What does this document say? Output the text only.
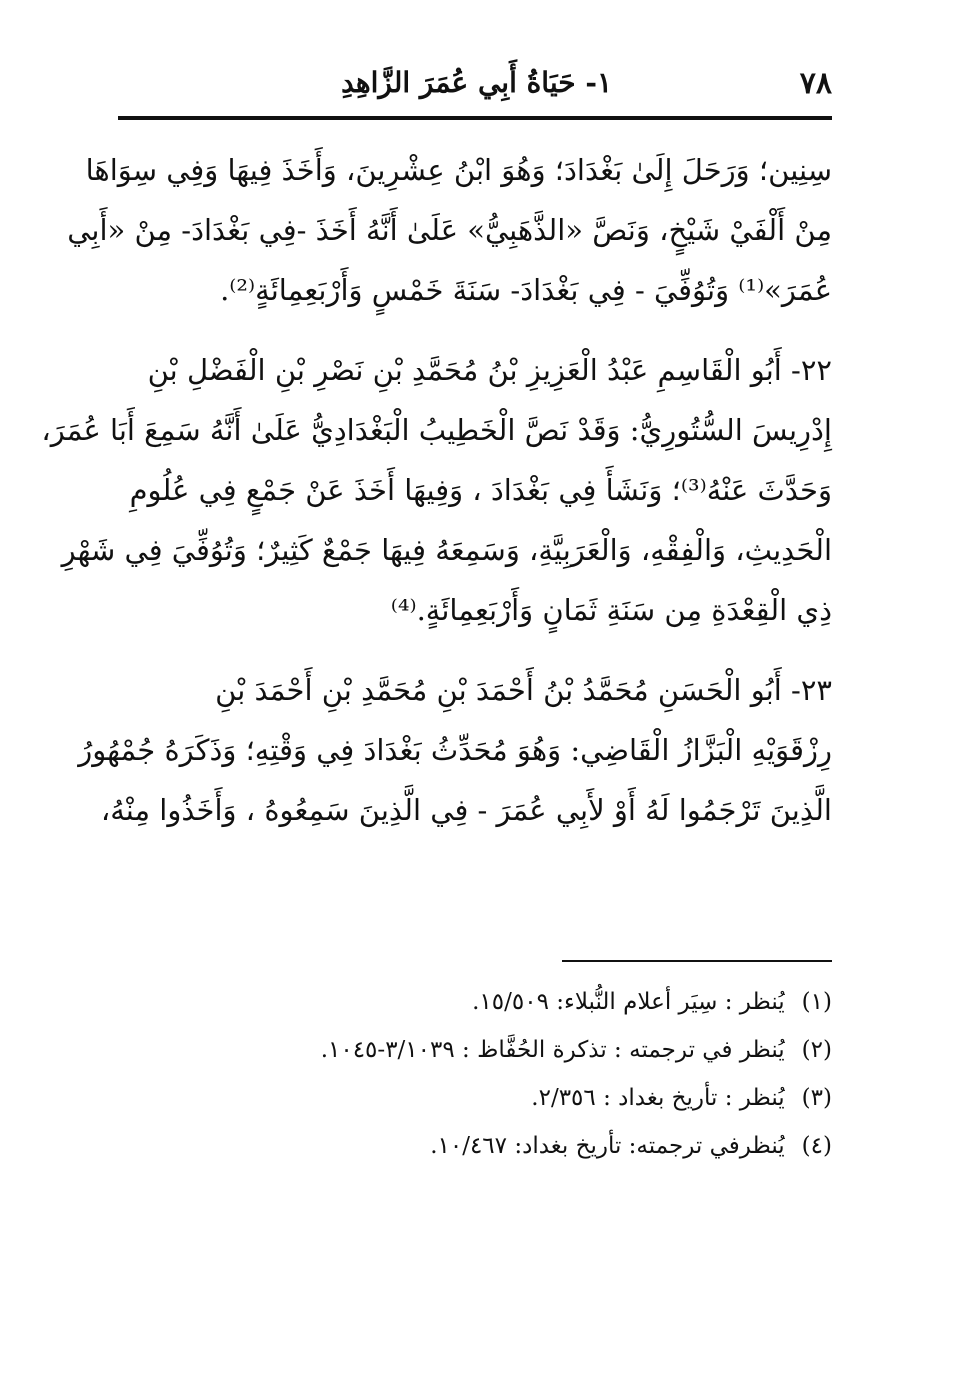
٧٨
١- حَيَاةُ أَبِي عُمَرَ الزَّاهِدِ

سِنِين؛ وَرَحَلَ إِلَىٰ بَغْدَادَ؛ وَهُوَ ابْنُ عِشْرِينَ، وَأَخَذَ فِيهَا وَفِي سِوَاهَا
مِنْ أَلْفَيْ شَيْخٍ، وَنَصَّ «الذَّهَبِيُّ» عَلَىٰ أَنَّهُ أَخَذَ -فِي بَغْدَادَ- مِنْ «أَبِي
عُمَرَ»⁽¹⁾ وَتُوُفِّيَ - فِي بَغْدَادَ- سَنَةَ خَمْسٍ وَأَرْبَعِمِائَةٍ⁽²⁾.

٢٢- أَبُو الْقَاسِمِ عَبْدُ الْعَزِيزِ بْنُ مُحَمَّدِ بْنِ نَصْرِ بْنِ الْفَضْلِ بْنِ
إِدْرِيسَ السُّتُورِيُّ: وَقَدْ نَصَّ الْخَطِيبُ الْبَغْدَادِيُّ عَلَىٰ أَنَّهُ سَمِعَ أَبَا عُمَرَ،
وَحَدَّثَ عَنْهُ⁽³⁾؛ وَنَشَأَ فِي بَغْدَادَ ، وَفِيهَا أَخَذَ عَنْ جَمْعٍ فِي عُلُومِ
الْحَدِيثِ، وَالْفِقْهِ، وَالْعَرَبِيَّةِ، وَسَمِعَهُ فِيهَا جَمْعٌ كَثِيرٌ؛ وَتُوُفِّيَ فِي شَهْرِ
ذِي الْقِعْدَةِ مِن سَنَةِ ثَمَانٍ وَأَرْبَعِمِائَةٍ.⁽⁴⁾

٢٣- أَبُو الْحَسَنِ مُحَمَّدُ بْنُ أَحْمَدَ بْنِ مُحَمَّدِ بْنِ أَحْمَدَ بْنِ
رِزْقَوَيْهِ الْبَزَّازُ الْقَاضِي: وَهُوَ مُحَدِّثُ بَغْدَادَ فِي وَقْتِهِ؛ وَذَكَرَهُ جُمْهُورُ
الَّذِينَ تَرْجَمُوا لَهُ أَوْ لأَبِي عُمَرَ - فِي الَّذِينَ سَمِعُوهُ ، وَأَخَذُوا مِنْهُ،

(١) يُنظر : سِيَر أعلام النُّبلاء: ١٥/٥٠٩.
(٢) يُنظر في ترجمته : تذكرة الحُفَّاظ : ٣/١٠٣٩-١٠٤٥.
(٣) يُنظر : تأريخ بغداد : ٢/٣٥٦.
(٤) يُنظرفي ترجمته: تأريخ بغداد: ١٠/٤٦٧.
